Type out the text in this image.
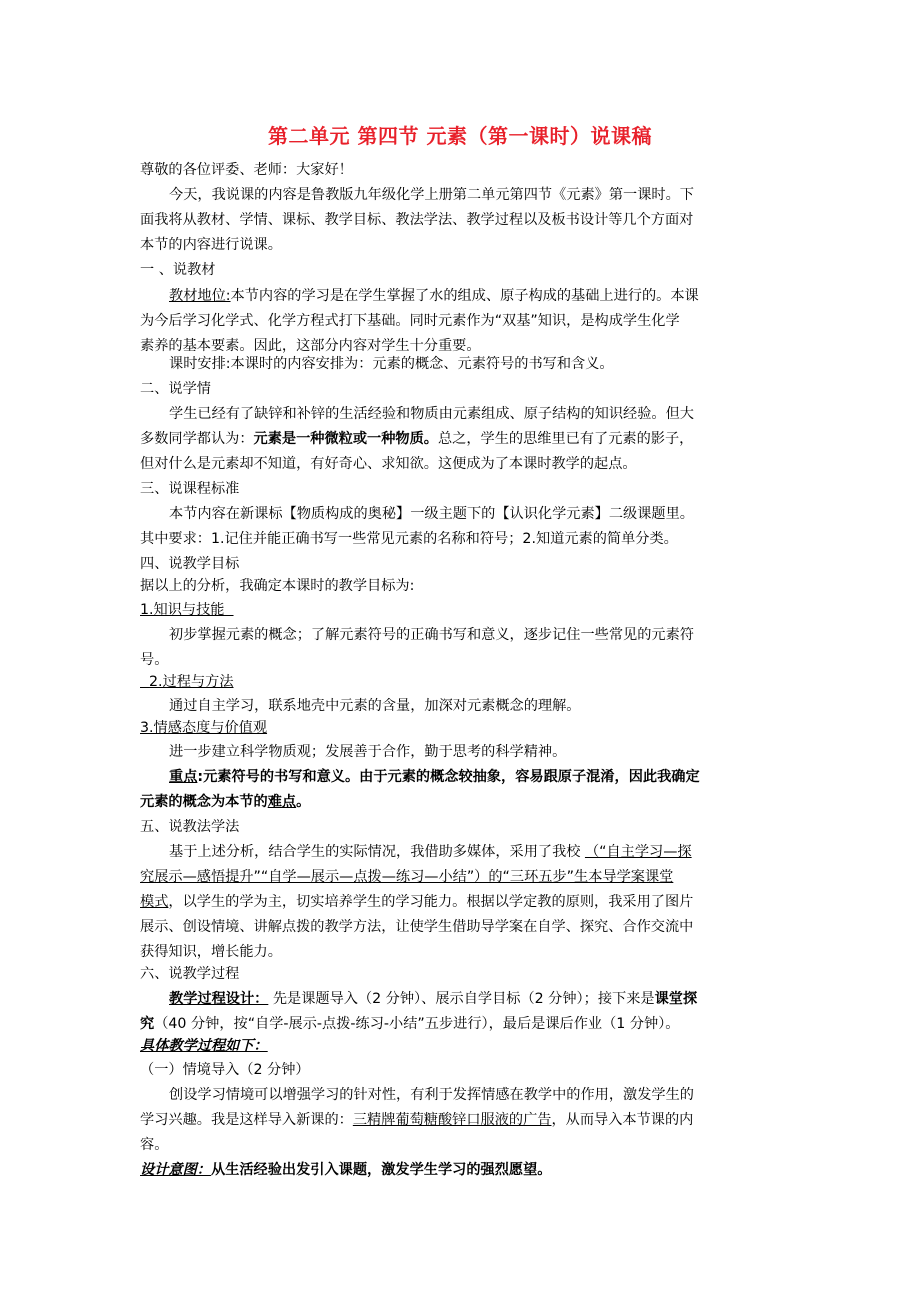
第二单元 第四节 元素（第一课时）说课稿
尊敬的各位评委、老师：大家好！
今天，我说课的内容是鲁教版九年级化学上册第二单元第四节《元素》第一课时。下
面我将从教材、学情、课标、教学目标、教法学法、教学过程以及板书设计等几个方面对
本节的内容进行说课。
一 、说教材
教材地位:本节内容的学习是在学生掌握了水的组成、原子构成的基础上进行的。本课
为今后学习化学式、化学方程式打下基础。同时元素作为“双基”知识，是构成学生化学
素养的基本要素。因此，这部分内容对学生十分重要。
课时安排:本课时的内容安排为：元素的概念、元素符号的书写和含义。
二、说学情
学生已经有了缺锌和补锌的生活经验和物质由元素组成、原子结构的知识经验。但大
多数同学都认为：元素是一种微粒或一种物质。总之，学生的思维里已有了元素的影子，
但对什么是元素却不知道，有好奇心、求知欲。这便成为了本课时教学的起点。
三、说课程标准
本节内容在新课标【物质构成的奥秘】一级主题下的【认识化学元素】二级课题里。
其中要求：1.记住并能正确书写一些常见元素的名称和符号；2.知道元素的简单分类。
四、说教学目标
据以上的分析，我确定本课时的教学目标为:
1.知识与技能
初步掌握元素的概念；了解元素符号的正确书写和意义，逐步记住一些常见的元素符
号。
2.过程与方法
通过自主学习，联系地壳中元素的含量，加深对元素概念的理解。
3.情感态度与价值观
进一步建立科学物质观；发展善于合作，勤于思考的科学精神。
重点:元素符号的书写和意义。由于元素的概念较抽象，容易跟原子混淆，因此我确定
元素的概念为本节的难点。
五、说教法学法
基于上述分析，结合学生的实际情况，我借助多媒体，采用了我校 （“自主学习—探
究展示—感悟提升”“自学—展示—点拨—练习—小结”）的“三环五步”生本导学案课堂
模式，以学生的学为主，切实培养学生的学习能力。根据以学定教的原则，我采用了图片
展示、创设情境、讲解点拨的教学方法，让使学生借助导学案在自学、探究、合作交流中
获得知识，增长能力。
六、说教学过程
教学过程设计： 先是课题导入（2 分钟）、展示自学目标（2 分钟）；接下来是课堂探
究（40 分钟，按“自学-展示-点拨-练习-小结”五步进行），最后是课后作业（1 分钟）。
具体教学过程如下：
（一）情境导入（2 分钟）
创设学习情境可以增强学习的针对性，有利于发挥情感在教学中的作用，激发学生的
学习兴趣。我是这样导入新课的：三精牌葡萄糖酸锌口服液的广告，从而导入本节课的内
容。
设计意图：从生活经验出发引入课题，激发学生学习的强烈愿望。
